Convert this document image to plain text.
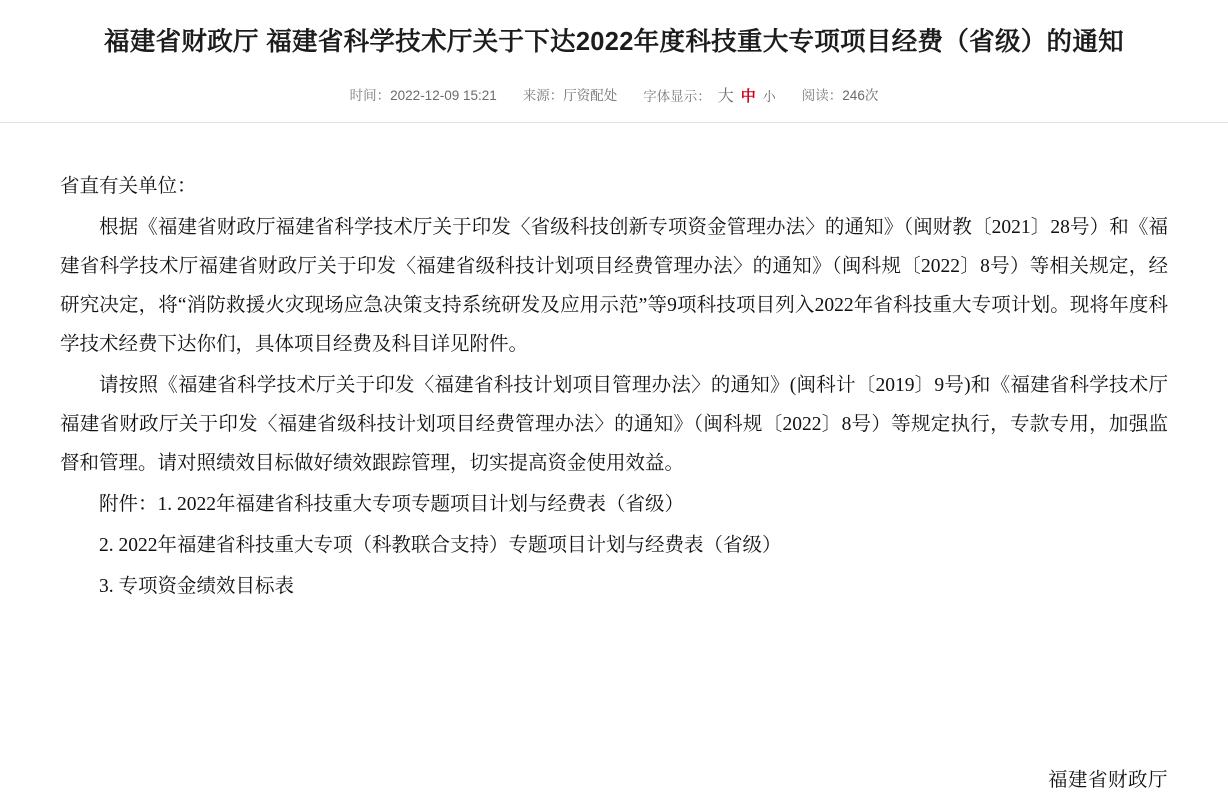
福建省财政厅 福建省科学技术厅关于下达2022年度科技重大专项项目经费（省级）的通知
时间：2022-12-09 15:21 来源：厅资配处 字体显示： 大 中 小 阅读：246次

省直有关单位：

根据《福建省财政厅福建省科学技术厅关于印发〈省级科技创新专项资金管理办法〉的通知》（闽财教〔2021〕28号）和《福建省科学技术厅福建省财政厅关于印发〈福建省级科技计划项目经费管理办法〉的通知》（闽科规〔2022〕8号）等相关规定，经研究决定，将“消防救援火灾现场应急决策支持系统研发及应用示范”等9项科技项目列入2022年省科技重大专项计划。现将年度科学技术经费下达你们，具体项目经费及科目详见附件。

请按照《福建省科学技术厅关于印发〈福建省科技计划项目管理办法〉的通知》(闽科计〔2019〕9号)和《福建省科学技术厅福建省财政厅关于印发〈福建省级科技计划项目经费管理办法〉的通知》（闽科规〔2022〕8号）等规定执行，专款专用，加强监督和管理。请对照绩效目标做好绩效跟踪管理，切实提高资金使用效益。

附件：1. 2022年福建省科技重大专项专题项目计划与经费表（省级）

2. 2022年福建省科技重大专项（科教联合支持）专题项目计划与经费表（省级）

3. 专项资金绩效目标表

福建省财政厅
